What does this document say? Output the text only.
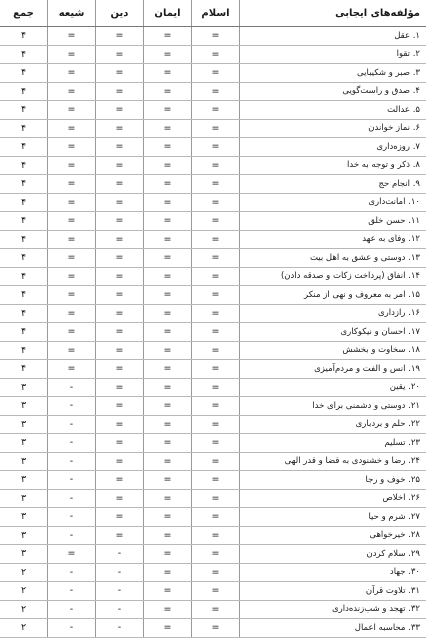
مؤلفه‌های ایجابی	اسلام	ایمان	دین	شیعه	جمع
۱. عقل	=	=	=	=	۴
۲. تقوا	=	=	=	=	۴
۳. صبر و شکیبایی	=	=	=	=	۴
۴. صدق و راست‌گویی	=	=	=	=	۴
۵. عدالت	=	=	=	=	۴
۶. نماز خواندن	=	=	=	=	۴
۷. روزه‌داری	=	=	=	=	۴
۸. ذکر و توجه به خدا	=	=	=	=	۴
۹. انجام حج	=	=	=	=	۴
۱۰. امانت‌داری	=	=	=	=	۴
۱۱. حسن خلق	=	=	=	=	۴
۱۲. وفای به عهد	=	=	=	=	۴
۱۳. دوستی و عشق به اهل بیت	=	=	=	=	۴
۱۴. انفاق (پرداخت زکات و صدقه دادن)	=	=	=	=	۴
۱۵. امر به معروف و نهی از منکر	=	=	=	=	۴
۱۶. رازداری	=	=	=	=	۴
۱۷. احسان و نیکوکاری	=	=	=	=	۴
۱۸. سخاوت و بخشش	=	=	=	=	۴
۱۹. انس و الفت و مردم‌آمیزی	=	=	=	=	۴
۲۰. یقین	=	=	=	-	۳
۲۱. دوستی و دشمنی برای خدا	=	=	=	-	۳
۲۲. حلم و بردباری	=	=	=	-	۳
۲۳. تسلیم	=	=	=	-	۳
۲۴. رضا و خشنودی به قضا و قدر الهی	=	=	=	-	۳
۲۵. خوف و رجا	=	=	=	-	۳
۲۶. اخلاص	=	=	=	-	۳
۲۷. شرم و حیا	=	=	=	-	۳
۲۸. خیرخواهی	=	=	=	-	۳
۲۹. سلام کردن	=	=	-	=	۳
۳۰. جهاد	=	=	-	-	۲
۳۱. تلاوت قرآن	=	=	-	-	۲
۳۲. تهجد و شب‌زنده‌داری	=	=	-	-	۲
۳۳. محاسبه اعمال	=	=	-	-	۲
